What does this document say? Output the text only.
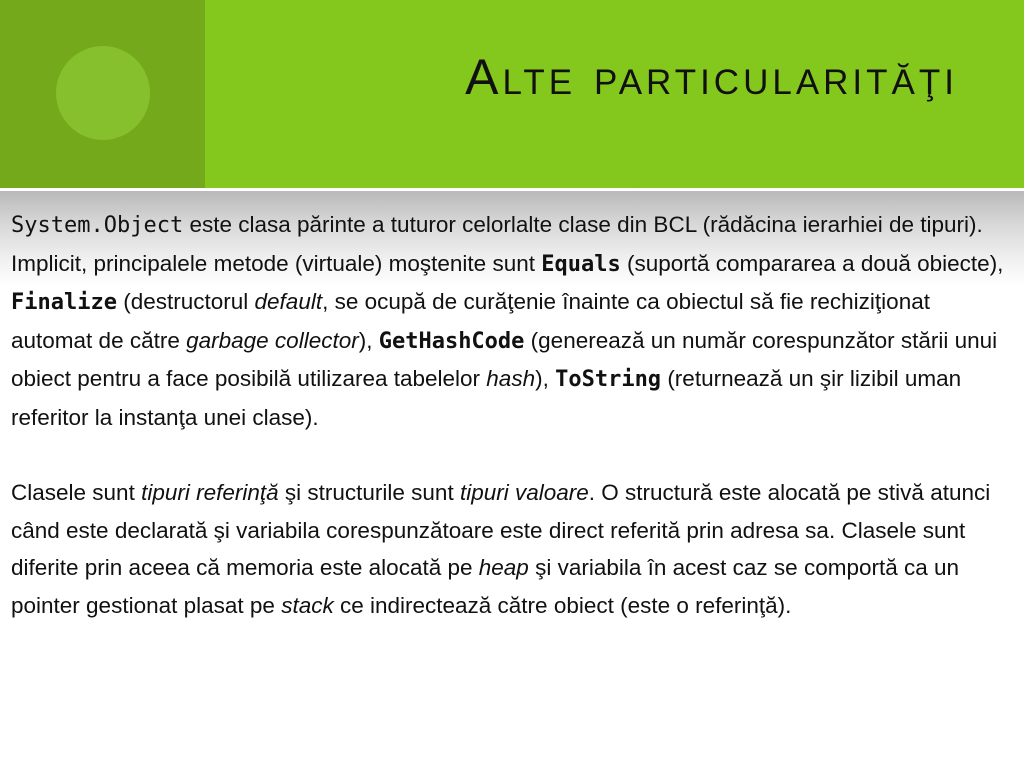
Alte particularităţi

System.Object este clasa părinte a tuturor celorlalte clase din BCL (rădăcina ierarhiei de tipuri). Implicit, principalele metode (virtuale) moştenite sunt Equals (suportă compararea a două obiecte), Finalize (destructorul default, se ocupă de curăţenie înainte ca obiectul să fie rechiziţionat automat de către garbage collector), GetHashCode (generează un număr corespunzător stării unui obiect pentru a face posibilă utilizarea tabelelor hash), ToString (returnează un şir lizibil uman referitor la instanţa unei clase).

Clasele sunt tipuri referinţă şi structurile sunt tipuri valoare. O structură este alocată pe stivă atunci când este declarată şi variabila corespunzătoare este direct referită prin adresa sa. Clasele sunt diferite prin aceea că memoria este alocată pe heap şi variabila în acest caz se comportă ca un pointer gestionat plasat pe stack ce indirectează către obiect (este o referinţă).
